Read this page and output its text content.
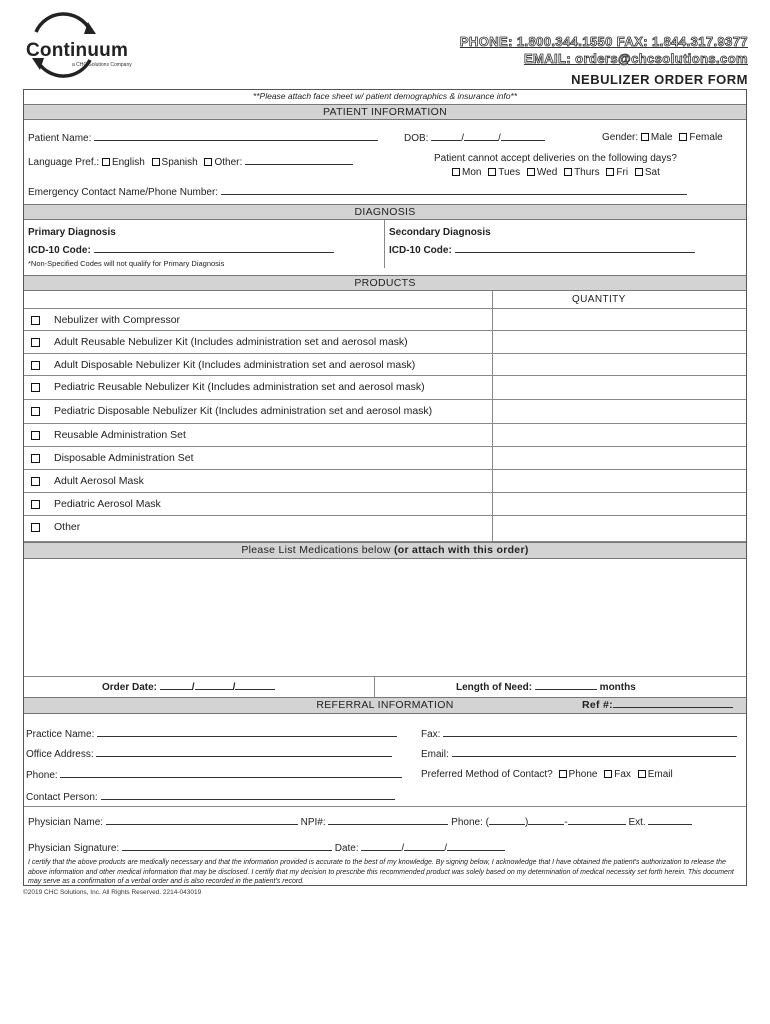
Continuum
a CHC Solutions Company
PHONE: 1.800.344.1550 FAX: 1.844.317.9377
EMAIL: orders@chcsolutions.com
NEBULIZER ORDER FORM
**Please attach face sheet w/ patient demographics & insurance info**
PATIENT INFORMATION
Patient Name:	DOB:	/	/	Gender: Male Female
Language Pref.: English Spanish Other:	Patient cannot accept deliveries on the following days?
Mon Tues Wed Thurs Fri Sat
Emergency Contact Name/Phone Number:
DIAGNOSIS
Primary Diagnosis
ICD-10 Code:
*Non-Specified Codes will not qualify for Primary Diagnosis
Secondary Diagnosis
ICD-10 Code:
PRODUCTS
QUANTITY
Nebulizer with Compressor
Adult Reusable Nebulizer Kit (Includes administration set and aerosol mask)
Adult Disposable Nebulizer Kit (Includes administration set and aerosol mask)
Pediatric Reusable Nebulizer Kit (Includes administration set and aerosol mask)
Pediatric Disposable Nebulizer Kit (Includes administration set and aerosol mask)
Reusable Administration Set
Disposable Administration Set
Adult Aerosol Mask
Pediatric Aerosol Mask
Other
Please List Medications below (or attach with this order)
Order Date:	/	/	Length of Need:	months
REFERRAL INFORMATION	Ref #:
Practice Name:	Fax:
Office Address:	Email:
Phone:	Preferred Method of Contact? Phone Fax Email
Contact Person:
Physician Name:	NPI#:	Phone: (	)	-	Ext.
Physician Signature:	Date:	/	/
I certify that the above products are medically necessary and that the information provided is accurate to the best of my knowledge. By signing below, I acknowledge that I have obtained the patient's authorization to release the above information and other medical information that may be disclosed. I certify that my decision to prescribe this recommended product was solely based on my determination of medical necessity set forth herein. This document may serve as a confirmation of a verbal order and is also recorded in the patient's record.
©2019 CHC Solutions, Inc. All Rights Reserved. 2214-043019
